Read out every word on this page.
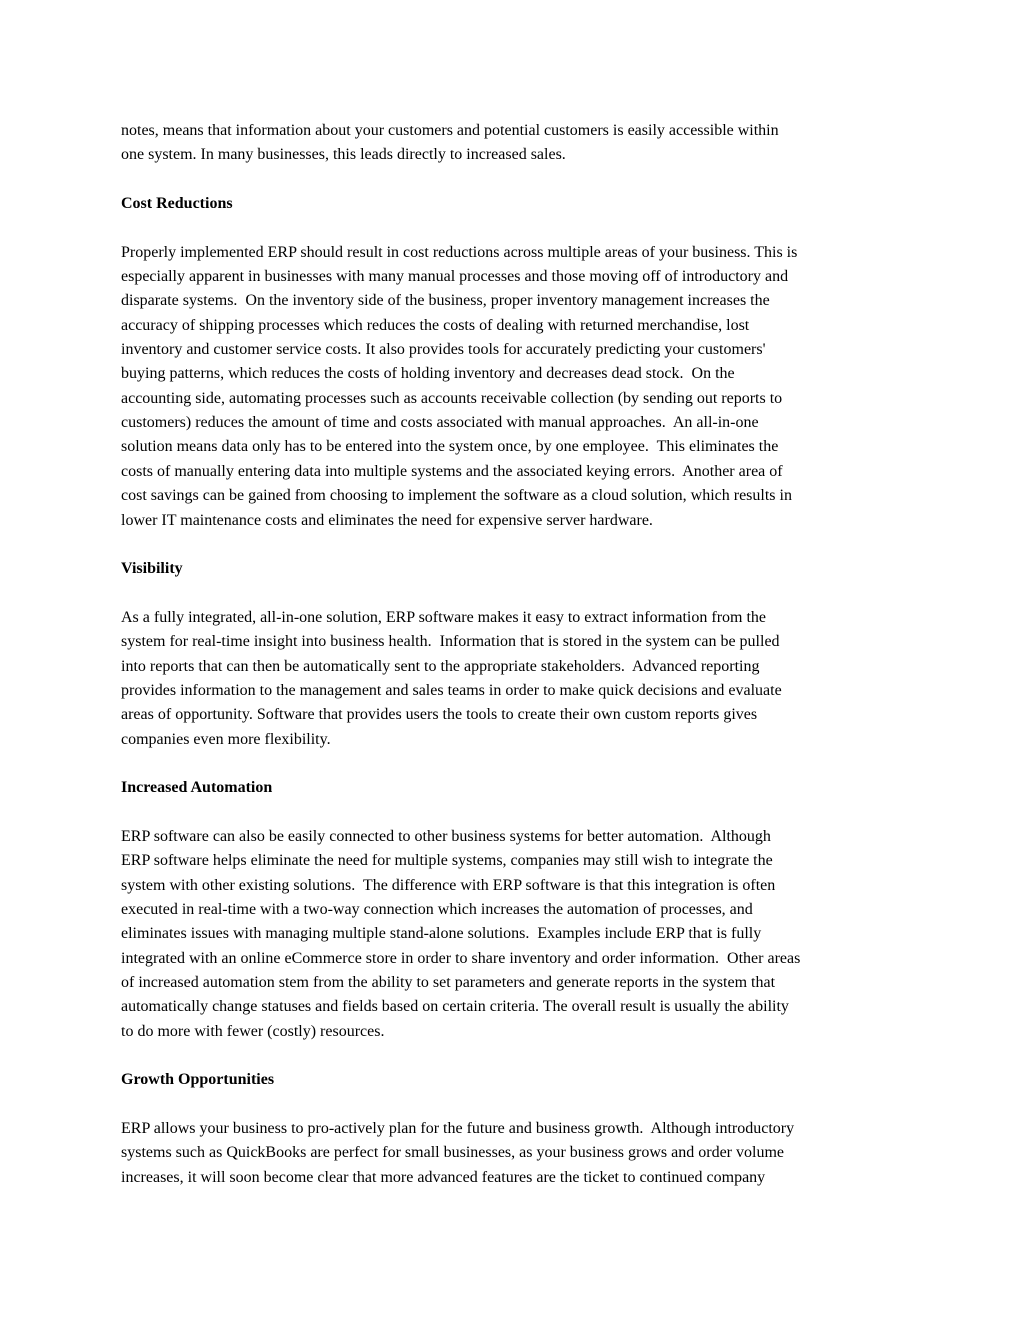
notes, means that information about your customers and potential customers is easily accessible within
one system. In many businesses, this leads directly to increased sales.
Cost Reductions
Properly implemented ERP should result in cost reductions across multiple areas of your business. This is
especially apparent in businesses with many manual processes and those moving off of introductory and
disparate systems.  On the inventory side of the business, proper inventory management increases the
accuracy of shipping processes which reduces the costs of dealing with returned merchandise, lost
inventory and customer service costs. It also provides tools for accurately predicting your customers'
buying patterns, which reduces the costs of holding inventory and decreases dead stock.  On the
accounting side, automating processes such as accounts receivable collection (by sending out reports to
customers) reduces the amount of time and costs associated with manual approaches.  An all-in-one
solution means data only has to be entered into the system once, by one employee.  This eliminates the
costs of manually entering data into multiple systems and the associated keying errors.  Another area of
cost savings can be gained from choosing to implement the software as a cloud solution, which results in
lower IT maintenance costs and eliminates the need for expensive server hardware.
Visibility
As a fully integrated, all-in-one solution, ERP software makes it easy to extract information from the
system for real-time insight into business health.  Information that is stored in the system can be pulled
into reports that can then be automatically sent to the appropriate stakeholders.  Advanced reporting
provides information to the management and sales teams in order to make quick decisions and evaluate
areas of opportunity. Software that provides users the tools to create their own custom reports gives
companies even more flexibility.
Increased Automation
ERP software can also be easily connected to other business systems for better automation.  Although
ERP software helps eliminate the need for multiple systems, companies may still wish to integrate the
system with other existing solutions.  The difference with ERP software is that this integration is often
executed in real-time with a two-way connection which increases the automation of processes, and
eliminates issues with managing multiple stand-alone solutions.  Examples include ERP that is fully
integrated with an online eCommerce store in order to share inventory and order information.  Other areas
of increased automation stem from the ability to set parameters and generate reports in the system that
automatically change statuses and fields based on certain criteria. The overall result is usually the ability
to do more with fewer (costly) resources.
Growth Opportunities
ERP allows your business to pro-actively plan for the future and business growth.  Although introductory
systems such as QuickBooks are perfect for small businesses, as your business grows and order volume
increases, it will soon become clear that more advanced features are the ticket to continued company
